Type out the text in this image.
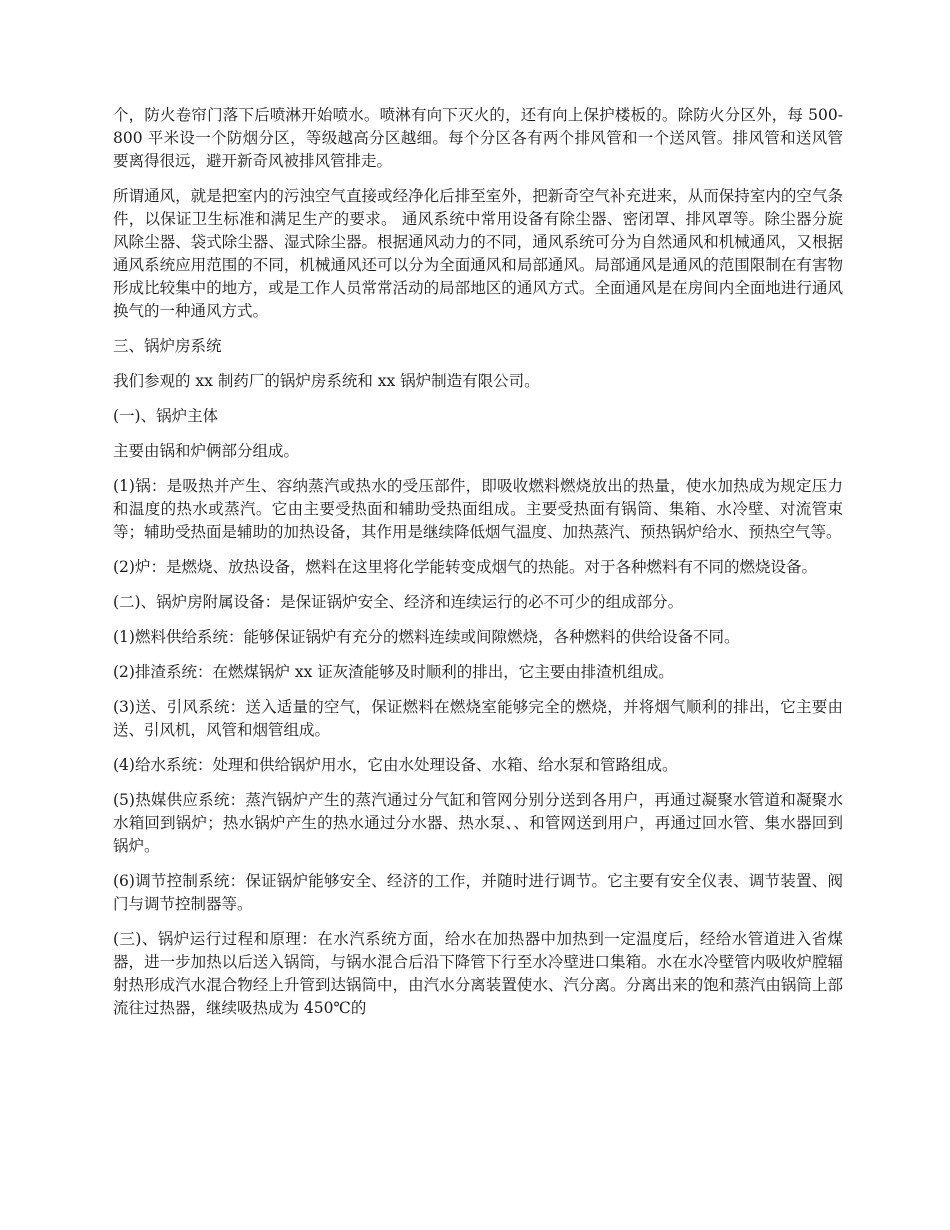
个，防火卷帘门落下后喷淋开始喷水。喷淋有向下灭火的，还有向上保护楼板的。除防火分区外，每 500-800 平米设一个防烟分区，等级越高分区越细。每个分区各有两个排风管和一个送风管。排风管和送风管要离得很远，避开新奇风被排风管排走。

所谓通风，就是把室内的污浊空气直接或经净化后排至室外，把新奇空气补充进来，从而保持室内的空气条件，以保证卫生标准和满足生产的要求。 通风系统中常用设备有除尘器、密闭罩、排风罩等。除尘器分旋风除尘器、袋式除尘器、湿式除尘器。根据通风动力的不同，通风系统可分为自然通风和机械通风，又根据通风系统应用范围的不同，机械通风还可以分为全面通风和局部通风。局部通风是通风的范围限制在有害物形成比较集中的地方，或是工作人员常常活动的局部地区的通风方式。全面通风是在房间内全面地进行通风换气的一种通风方式。

三、锅炉房系统

我们参观的 xx 制药厂的锅炉房系统和 xx 锅炉制造有限公司。

(一)、锅炉主体

主要由锅和炉俩部分组成。

(1)锅：是吸热并产生、容纳蒸汽或热水的受压部件，即吸收燃料燃烧放出的热量，使水加热成为规定压力和温度的热水或蒸汽。它由主要受热面和辅助受热面组成。主要受热面有锅筒、集箱、水冷壁、对流管束等；辅助受热面是辅助的加热设备，其作用是继续降低烟气温度、加热蒸汽、预热锅炉给水、预热空气等。

(2)炉：是燃烧、放热设备，燃料在这里将化学能转变成烟气的热能。对于各种燃料有不同的燃烧设备。

(二)、锅炉房附属设备：是保证锅炉安全、经济和连续运行的必不可少的组成部分。

(1)燃料供给系统：能够保证锅炉有充分的燃料连续或间隙燃烧，各种燃料的供给设备不同。

(2)排渣系统：在燃煤锅炉 xx 证灰渣能够及时顺利的排出，它主要由排渣机组成。

(3)送、引风系统：送入适量的空气，保证燃料在燃烧室能够完全的燃烧，并将烟气顺利的排出，它主要由送、引风机，风管和烟管组成。

(4)给水系统：处理和供给锅炉用水，它由水处理设备、水箱、给水泵和管路组成。

(5)热媒供应系统：蒸汽锅炉产生的蒸汽通过分气缸和管网分别分送到各用户，再通过凝聚水管道和凝聚水水箱回到锅炉；热水锅炉产生的热水通过分水器、热水泵、、和管网送到用户，再通过回水管、集水器回到锅炉。

(6)调节控制系统：保证锅炉能够安全、经济的工作，并随时进行调节。它主要有安全仪表、调节装置、阀门与调节控制器等。

(三)、锅炉运行过程和原理：在水汽系统方面，给水在加热器中加热到一定温度后，经给水管道进入省煤器，进一步加热以后送入锅筒，与锅水混合后沿下降管下行至水冷壁进口集箱。水在水冷壁管内吸收炉膛辐射热形成汽水混合物经上升管到达锅筒中，由汽水分离装置使水、汽分离。分离出来的饱和蒸汽由锅筒上部流往过热器，继续吸热成为 450℃的
